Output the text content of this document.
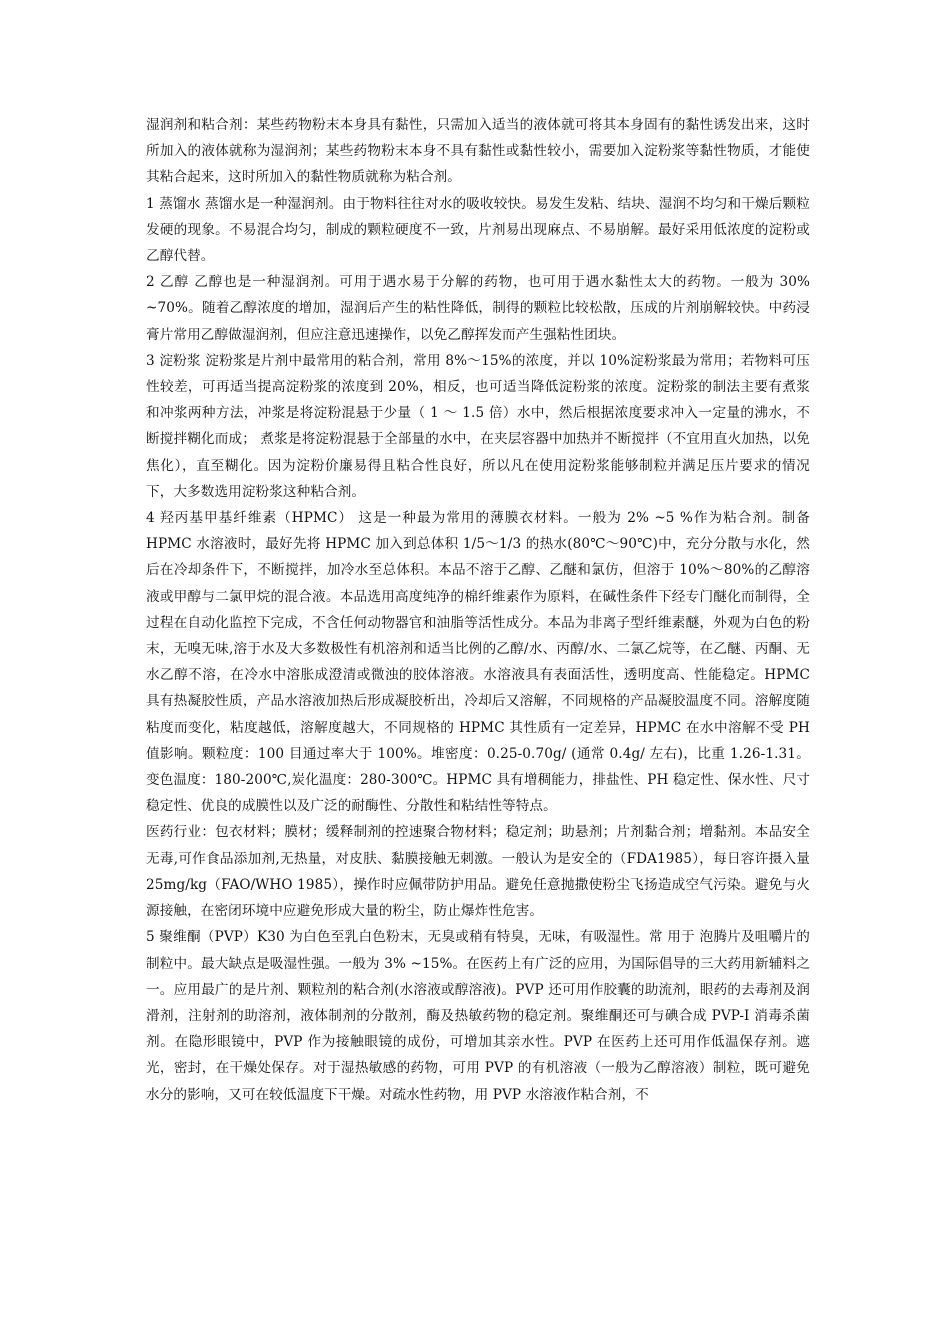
湿润剂和粘合剂：某些药物粉末本身具有黏性，只需加入适当的液体就可将其本身固有的黏性诱发出来，这时所加入的液体就称为湿润剂；某些药物粉末本身不具有黏性或黏性较小，需要加入淀粉浆等黏性物质，才能使其粘合起来，这时所加入的黏性物质就称为粘合剂。

1 蒸馏水 蒸馏水是一种湿润剂。由于物料往往对水的吸收较快。易发生发粘、结块、湿润不均匀和干燥后颗粒发硬的现象。不易混合均匀，制成的颗粒硬度不一致，片剂易出现麻点、不易崩解。最好采用低浓度的淀粉或乙醇代替。

2 乙醇 乙醇也是一种湿润剂。可用于遇水易于分解的药物，也可用于遇水黏性太大的药物。一般为 30% ~70%。随着乙醇浓度的增加，湿润后产生的粘性降低，制得的颗粒比较松散，压成的片剂崩解较快。中药浸膏片常用乙醇做湿润剂，但应注意迅速操作，以免乙醇挥发而产生强粘性团块。

3 淀粉浆 淀粉浆是片剂中最常用的粘合剂，常用 8%～15%的浓度，并以 10%淀粉浆最为常用；若物料可压性较差，可再适当提高淀粉浆的浓度到 20%，相反，也可适当降低淀粉浆的浓度。淀粉浆的制法主要有煮浆和冲浆两种方法，冲浆是将淀粉混悬于少量（ 1 ～ 1.5 倍）水中，然后根据浓度要求冲入一定量的沸水，不断搅拌糊化而成； 煮浆是将淀粉混悬于全部量的水中，在夹层容器中加热并不断搅拌（不宜用直火加热，以免焦化），直至糊化。因为淀粉价廉易得且粘合性良好，所以凡在使用淀粉浆能够制粒并满足压片要求的情况下，大多数选用淀粉浆这种粘合剂。

4 羟丙基甲基纤维素（HPMC） 这是一种最为常用的薄膜衣材料。一般为 2% ~5 %作为粘合剂。制备 HPMC 水溶液时，最好先将 HPMC 加入到总体积 1/5～1/3 的热水(80℃～90℃)中，充分分散与水化，然后在冷却条件下，不断搅拌，加冷水至总体积。本品不溶于乙醇、乙醚和氯仿，但溶于 10%～80%的乙醇溶液或甲醇与二氯甲烷的混合液。本品选用高度纯净的棉纤维素作为原料，在碱性条件下经专门醚化而制得，全过程在自动化监控下完成，不含任何动物器官和油脂等活性成分。本品为非离子型纤维素醚，外观为白色的粉末，无嗅无味,溶于水及大多数极性有机溶剂和适当比例的乙醇/水、丙醇/水、二氯乙烷等，在乙醚、丙酮、无水乙醇不溶，在冷水中溶胀成澄清或微浊的胶体溶液。水溶液具有表面活性，透明度高、性能稳定。HPMC 具有热凝胶性质，产品水溶液加热后形成凝胶析出，冷却后又溶解，不同规格的产品凝胶温度不同。溶解度随粘度而变化，粘度越低，溶解度越大，不同规格的 HPMC 其性质有一定差异，HPMC 在水中溶解不受 PH 值影响。颗粒度：100 目通过率大于 100%。堆密度：0.25-0.70g/ (通常 0.4g/ 左右)，比重 1.26-1.31。变色温度：180-200℃,炭化温度：280-300℃。HPMC 具有增稠能力，排盐性、PH 稳定性、保水性、尺寸稳定性、优良的成膜性以及广泛的耐酶性、分散性和粘结性等特点。

医药行业：包衣材料；膜材；缓释制剂的控速聚合物材料；稳定剂；助悬剂；片剂黏合剂；增黏剂。本品安全无毒,可作食品添加剂,无热量，对皮肤、黏膜接触无刺激。一般认为是安全的（FDA1985），每日容许摄入量 25mg/kg（FAO/WHO 1985），操作时应佩带防护用品。避免任意抛撒使粉尘飞扬造成空气污染。避免与火源接触，在密闭环境中应避免形成大量的粉尘，防止爆炸性危害。

5 聚维酮（PVP）K30 为白色至乳白色粉末，无臭或稍有特臭，无味，有吸湿性。常 用于 泡腾片及咀嚼片的制粒中。最大缺点是吸湿性强。一般为 3% ~15%。在医药上有广泛的应用，为国际倡导的三大药用新辅料之一。应用最广的是片剂、颗粒剂的粘合剂(水溶液或醇溶液)。PVP 还可用作胶囊的助流剂，眼药的去毒剂及润滑剂，注射剂的助溶剂，液体制剂的分散剂，酶及热敏药物的稳定剂。聚维酮还可与碘合成 PVP-I 消毒杀菌剂。在隐形眼镜中，PVP 作为接触眼镜的成份，可增加其亲水性。PVP 在医药上还可用作低温保存剂。遮光，密封，在干燥处保存。对于湿热敏感的药物，可用 PVP 的有机溶液（一般为乙醇溶液）制粒，既可避免水分的影响，又可在较低温度下干燥。对疏水性药物，用 PVP 水溶液作粘合剂，不
